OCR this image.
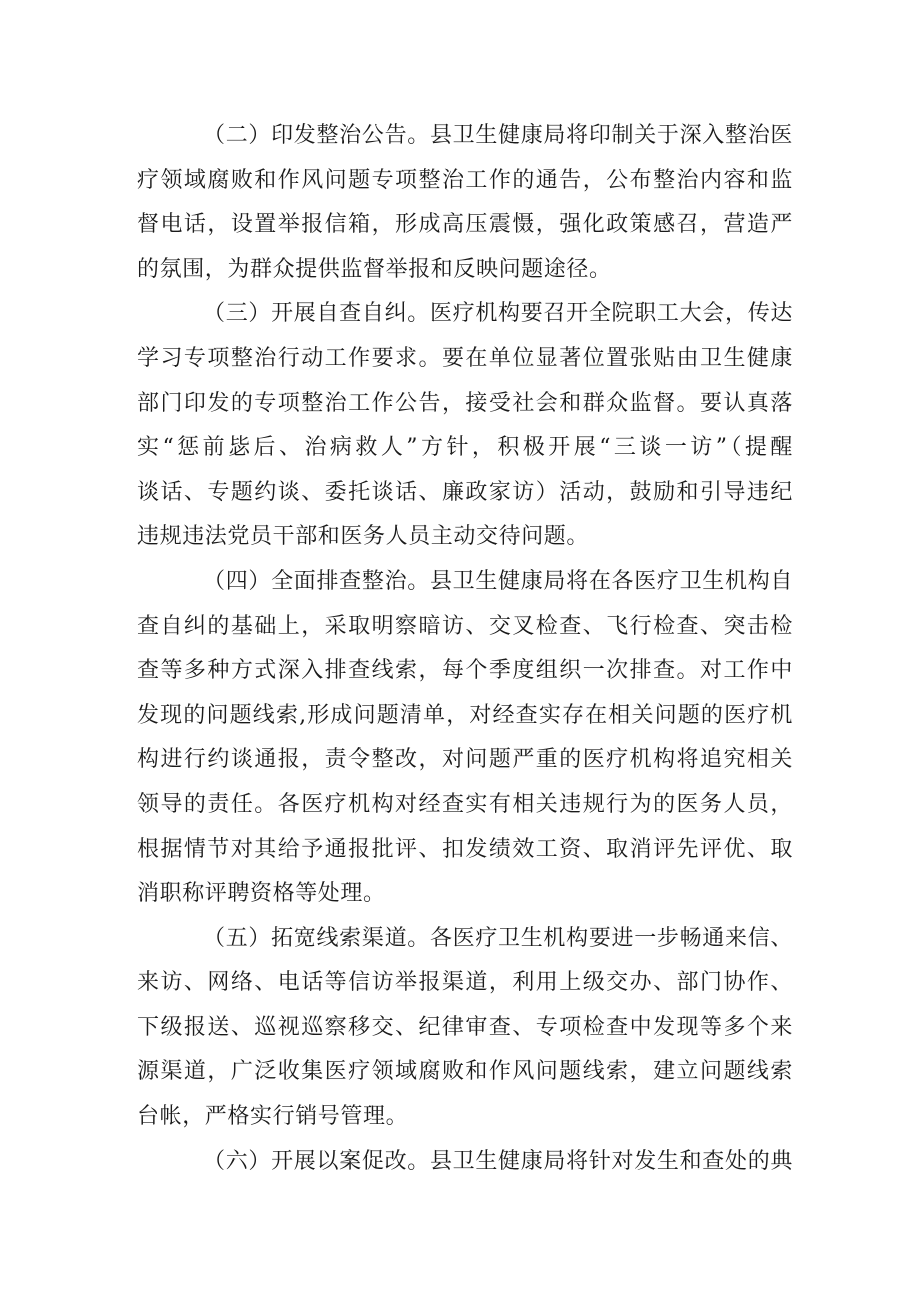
（二）印发整治公告。县卫生健康局将印制关于深入整治医
疗领域腐败和作风问题专项整治工作的通告，公布整治内容和监
督电话，设置举报信箱，形成高压震慑，强化政策感召，营造严
的氛围，为群众提供监督举报和反映问题途径。
（三）开展自查自纠。医疗机构要召开全院职工大会，传达
学习专项整治行动工作要求。要在单位显著位置张贴由卫生健康
部门印发的专项整治工作公告，接受社会和群众监督。要认真落
实“惩前毖后、治病救人”方针，积极开展“三谈一访”（提醒
谈话、专题约谈、委托谈话、廉政家访）活动，鼓励和引导违纪
违规违法党员干部和医务人员主动交待问题。
（四）全面排查整治。县卫生健康局将在各医疗卫生机构自
查自纠的基础上，采取明察暗访、交叉检查、飞行检查、突击检
查等多种方式深入排查线索，每个季度组织一次排查。对工作中
发现的问题线索,形成问题清单，对经查实存在相关问题的医疗机
构进行约谈通报，责令整改，对问题严重的医疗机构将追究相关
领导的责任。各医疗机构对经查实有相关违规行为的医务人员，
根据情节对其给予通报批评、扣发绩效工资、取消评先评优、取
消职称评聘资格等处理。
（五）拓宽线索渠道。各医疗卫生机构要进一步畅通来信、
来访、网络、电话等信访举报渠道，利用上级交办、部门协作、
下级报送、巡视巡察移交、纪律审查、专项检查中发现等多个来
源渠道，广泛收集医疗领域腐败和作风问题线索，建立问题线索
台帐，严格实行销号管理。
（六）开展以案促改。县卫生健康局将针对发生和查处的典
